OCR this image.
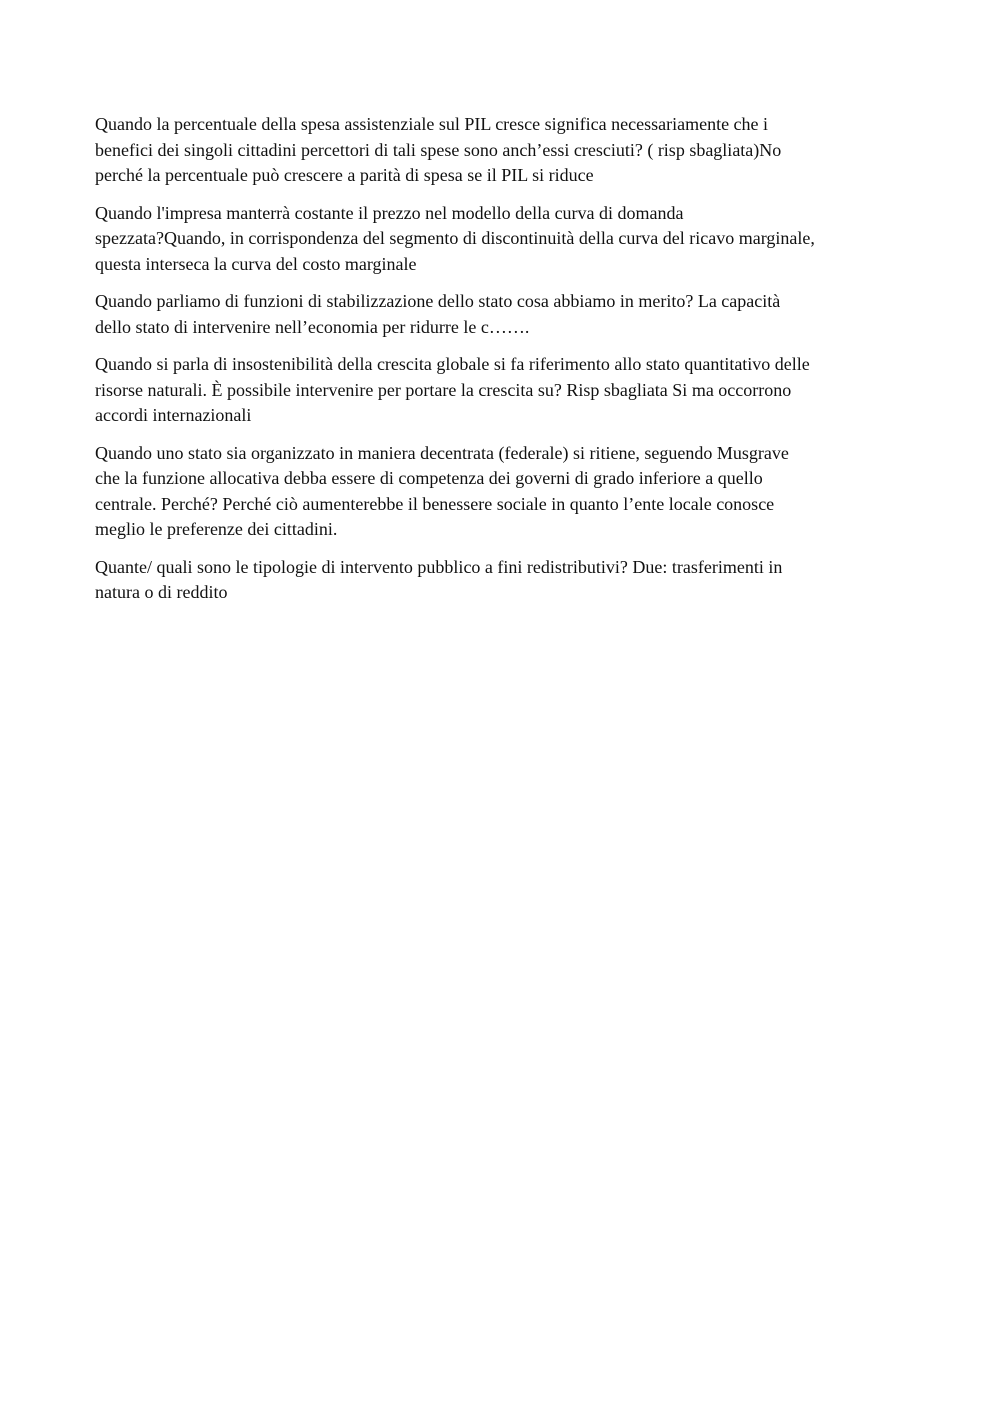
Quando la percentuale della spesa assistenziale sul PIL cresce significa necessariamente che i
benefici dei singoli cittadini percettori di tali spese sono anch’essi cresciuti? ( risp sbagliata)No
perché la percentuale può crescere a parità di spesa se il PIL si riduce

Quando l'impresa manterrà costante il prezzo nel modello della curva di domanda
spezzata?Quando, in corrispondenza del segmento di discontinuità della curva del ricavo marginale,
questa interseca la curva del costo marginale

Quando parliamo di funzioni di stabilizzazione dello stato cosa abbiamo in merito? La capacità
dello stato di intervenire nell’economia per ridurre le c…….

Quando si parla di insostenibilità della crescita globale si fa riferimento allo stato quantitativo delle
risorse naturali. È possibile intervenire per portare la crescita su? Risp sbagliata Si ma occorrono
accordi internazionali

Quando uno stato sia organizzato in maniera decentrata (federale) si ritiene, seguendo Musgrave
che la funzione allocativa debba essere di competenza dei governi di grado inferiore a quello
centrale. Perché? Perché ciò aumenterebbe il benessere sociale in quanto l’ente locale conosce
meglio le preferenze dei cittadini.

Quante/ quali sono le tipologie di intervento pubblico a fini redistributivi? Due: trasferimenti in
natura o di reddito
